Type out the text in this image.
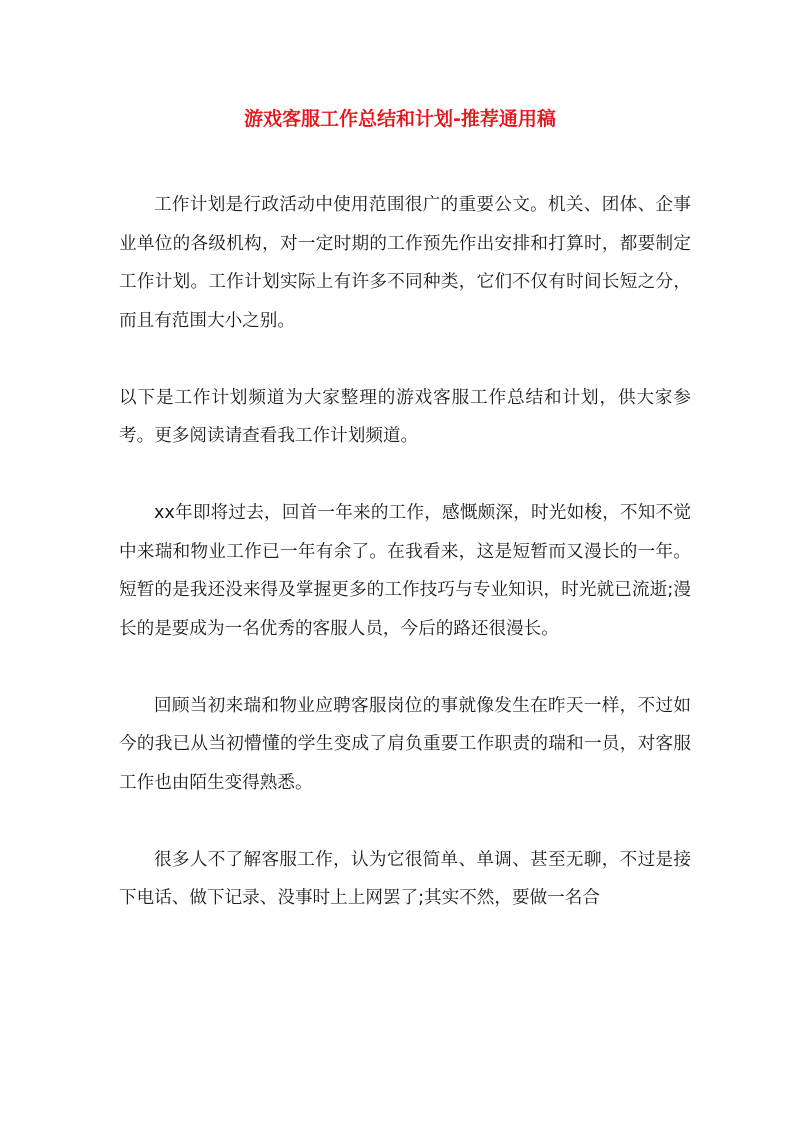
游戏客服工作总结和计划-推荐通用稿

工作计划是行政活动中使用范围很广的重要公文。机关、团体、企事业单位的各级机构，对一定时期的工作预先作出安排和打算时，都要制定工作计划。工作计划实际上有许多不同种类，它们不仅有时间长短之分，而且有范围大小之别。

以下是工作计划频道为大家整理的游戏客服工作总结和计划，供大家参考。更多阅读请查看我工作计划频道。

xx年即将过去，回首一年来的工作，感慨颇深，时光如梭，不知不觉中来瑞和物业工作已一年有余了。在我看来，这是短暂而又漫长的一年。短暂的是我还没来得及掌握更多的工作技巧与专业知识，时光就已流逝;漫长的是要成为一名优秀的客服人员，今后的路还很漫长。

回顾当初来瑞和物业应聘客服岗位的事就像发生在昨天一样，不过如今的我已从当初懵懂的学生变成了肩负重要工作职责的瑞和一员，对客服工作也由陌生变得熟悉。

很多人不了解客服工作，认为它很简单、单调、甚至无聊，不过是接下电话、做下记录、没事时上上网罢了;其实不然，要做一名合
